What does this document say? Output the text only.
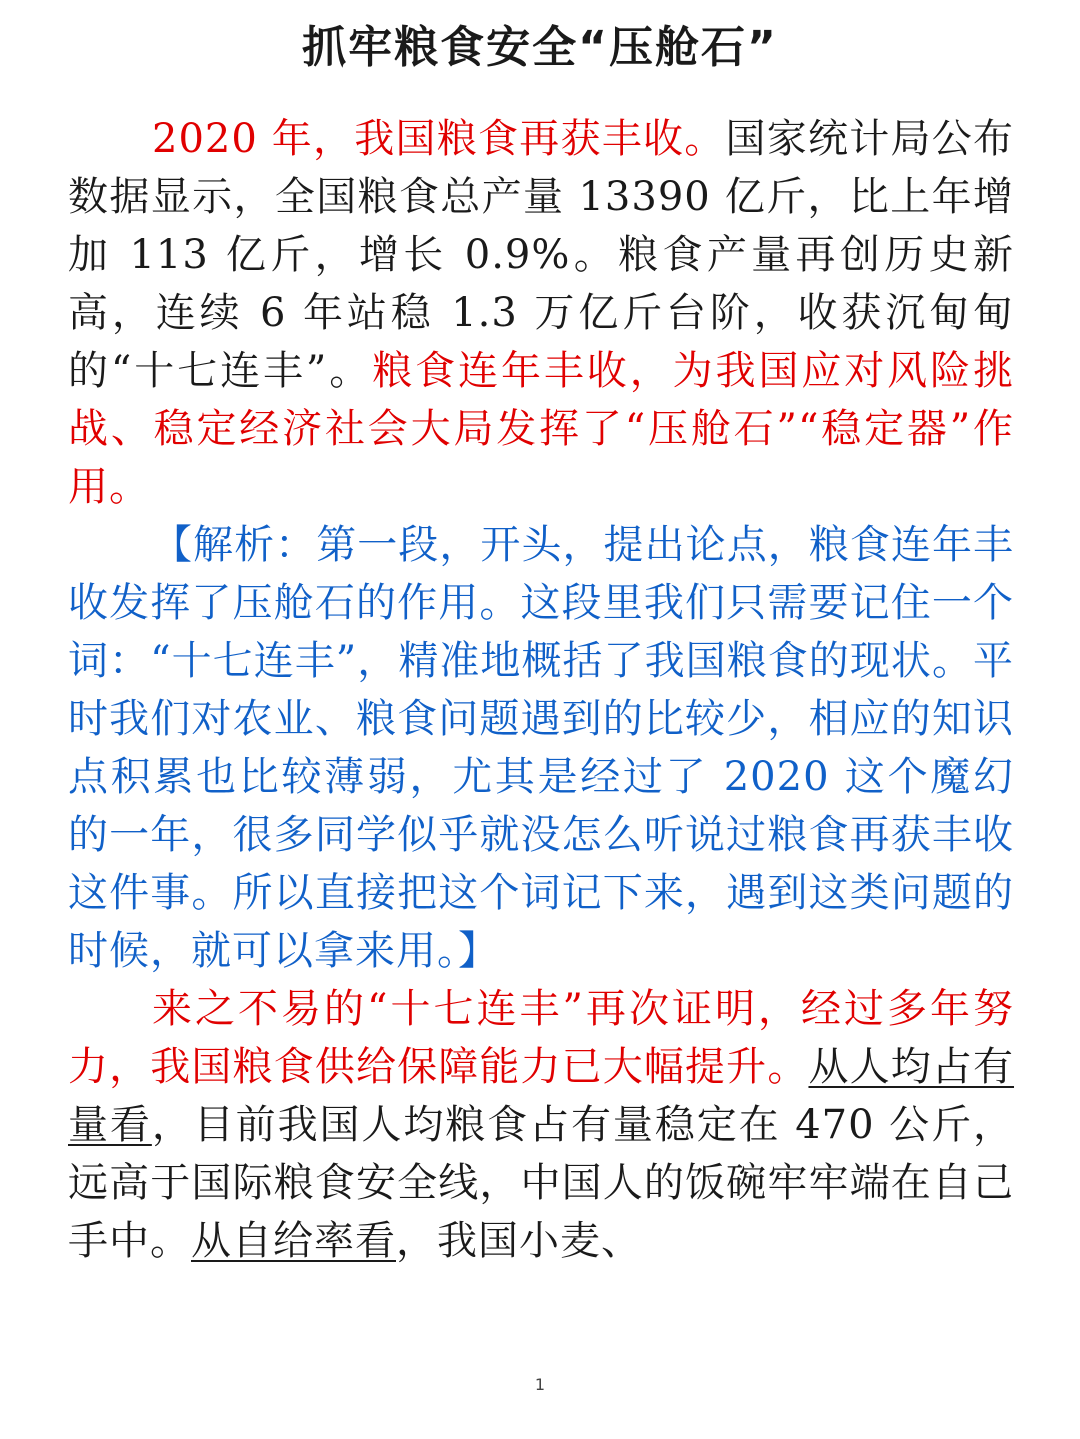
抓牢粮食安全“压舱石”

2020 年，我国粮食再获丰收。国家统计局公布数据显示，全国粮食总产量 13390 亿斤，比上年增加 113 亿斤，增长 0.9%。粮食产量再创历史新高，连续 6 年站稳 1.3 万亿斤台阶，收获沉甸甸的“十七连丰”。粮食连年丰收，为我国应对风险挑战、稳定经济社会大局发挥了“压舱石”“稳定器”作用。

【解析：第一段，开头，提出论点，粮食连年丰收发挥了压舱石的作用。这段里我们只需要记住一个词：“十七连丰”，精准地概括了我国粮食的现状。平时我们对农业、粮食问题遇到的比较少，相应的知识点积累也比较薄弱，尤其是经过了 2020 这个魔幻的一年，很多同学似乎就没怎么听说过粮食再获丰收这件事。所以直接把这个词记下来，遇到这类问题的时候，就可以拿来用。】

来之不易的“十七连丰”再次证明，经过多年努力，我国粮食供给保障能力已大幅提升。从人均占有量看，目前我国人均粮食占有量稳定在 470 公斤，远高于国际粮食安全线，中国人的饭碗牢牢端在自己手中。从自给率看，我国小麦、

1
